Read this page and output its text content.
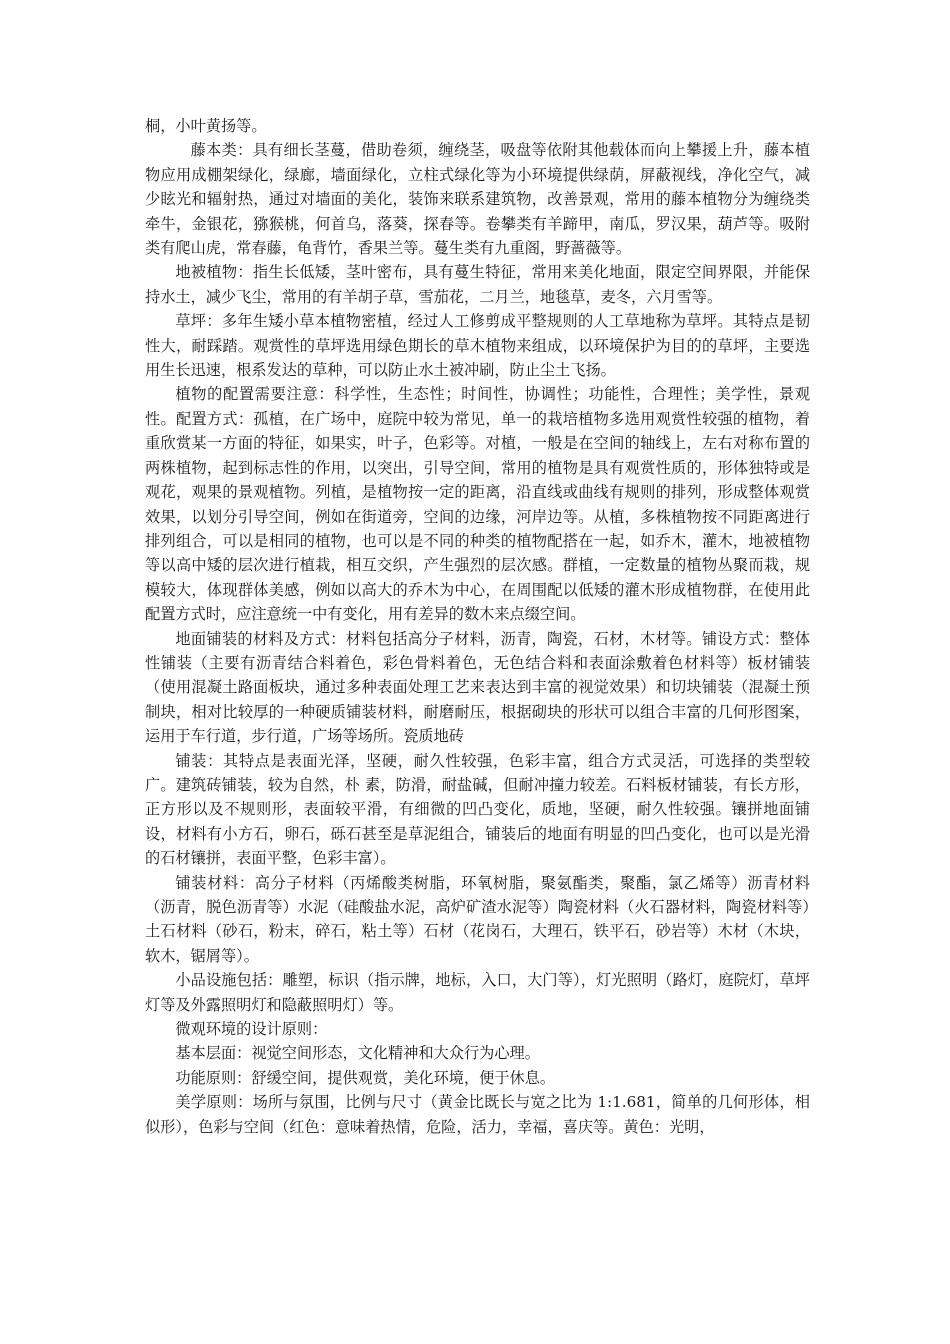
桐，小叶黄扬等。

藤本类：具有细长茎蔓，借助卷须，缠绕茎，吸盘等依附其他载体而向上攀援上升，藤本植物应用成棚架绿化，绿廊，墙面绿化，立柱式绿化等为小环境提供绿荫，屏蔽视线，净化空气，减少眩光和辐射热，通过对墙面的美化，装饰来联系建筑物，改善景观，常用的藤本植物分为缠绕类牵牛，金银花，猕猴桃，何首乌，落葵，探春等。卷攀类有羊蹄甲，南瓜，罗汉果，葫芦等。吸附类有爬山虎，常春藤，龟背竹，香果兰等。蔓生类有九重阁，野蔷薇等。

地被植物：指生长低矮，茎叶密布，具有蔓生特征，常用来美化地面，限定空间界限，并能保持水土，减少飞尘，常用的有羊胡子草，雪茄花，二月兰，地毯草，麦冬，六月雪等。

草坪：多年生矮小草本植物密植，经过人工修剪成平整规则的人工草地称为草坪。其特点是韧性大，耐踩踏。观赏性的草坪选用绿色期长的草木植物来组成，以环境保护为目的的草坪，主要选用生长迅速，根系发达的草种，可以防止水土被冲刷，防止尘土飞扬。

植物的配置需要注意：科学性，生态性；时间性，协调性；功能性，合理性；美学性，景观性。配置方式：孤植，在广场中，庭院中较为常见，单一的栽培植物多选用观赏性较强的植物，着重欣赏某一方面的特征，如果实，叶子，色彩等。对植，一般是在空间的轴线上，左右对称布置的两株植物，起到标志性的作用，以突出，引导空间，常用的植物是具有观赏性质的，形体独特或是观花，观果的景观植物。列植，是植物按一定的距离，沿直线或曲线有规则的排列，形成整体观赏效果，以划分引导空间，例如在街道旁，空间的边缘，河岸边等。从植，多株植物按不同距离进行排列组合，可以是相同的植物，也可以是不同的种类的植物配搭在一起，如乔木，灌木，地被植物等以高中矮的层次进行植栽，相互交织，产生强烈的层次感。群植，一定数量的植物丛聚而栽，规模较大，体现群体美感，例如以高大的乔木为中心，在周围配以低矮的灌木形成植物群，在使用此配置方式时，应注意统一中有变化，用有差异的数木来点缀空间。

地面铺装的材料及方式：材料包括高分子材料，沥青，陶瓷，石材，木材等。铺设方式：整体性铺装（主要有沥青结合料着色，彩色骨料着色，无色结合料和表面涂敷着色材料等）板材铺装（使用混凝土路面板块，通过多种表面处理工艺来表达到丰富的视觉效果）和切块铺装（混凝土预制块，相对比较厚的一种硬质铺装材料，耐磨耐压，根据砌块的形状可以组合丰富的几何形图案，运用于车行道，步行道，广场等场所。瓷质地砖

铺装：其特点是表面光泽，坚硬，耐久性较强，色彩丰富，组合方式灵活，可选择的类型较广。建筑砖铺装，较为自然，朴 素，防滑，耐盐碱，但耐冲撞力较差。石料板材铺装，有长方形，正方形以及不规则形，表面较平滑，有细微的凹凸变化，质地，坚硬，耐久性较强。镶拼地面铺设，材料有小方石，卵石，砾石甚至是草泥组合，铺装后的地面有明显的凹凸变化，也可以是光滑的石材镶拼，表面平整，色彩丰富）。

铺装材料：高分子材料（丙烯酸类树脂，环氧树脂，聚氨酯类，聚酯，氯乙烯等）沥青材料（沥青，脱色沥青等）水泥（硅酸盐水泥，高炉矿渣水泥等）陶瓷材料（火石器材料，陶瓷材料等）土石材料（砂石，粉末，碎石，粘土等）石材（花岗石，大理石，铁平石，砂岩等）木材（木块，软木，锯屑等）。

小品设施包括：雕塑，标识（指示牌，地标，入口，大门等），灯光照明（路灯，庭院灯，草坪灯等及外露照明灯和隐蔽照明灯）等。

微观环境的设计原则：

基本层面：视觉空间形态，文化精神和大众行为心理。

功能原则：舒缓空间，提供观赏，美化环境，便于休息。

美学原则：场所与氛围，比例与尺寸（黄金比既长与宽之比为 1:1.681，简单的几何形体，相似形），色彩与空间（红色：意味着热情，危险，活力，幸福，喜庆等。黄色：光明，
